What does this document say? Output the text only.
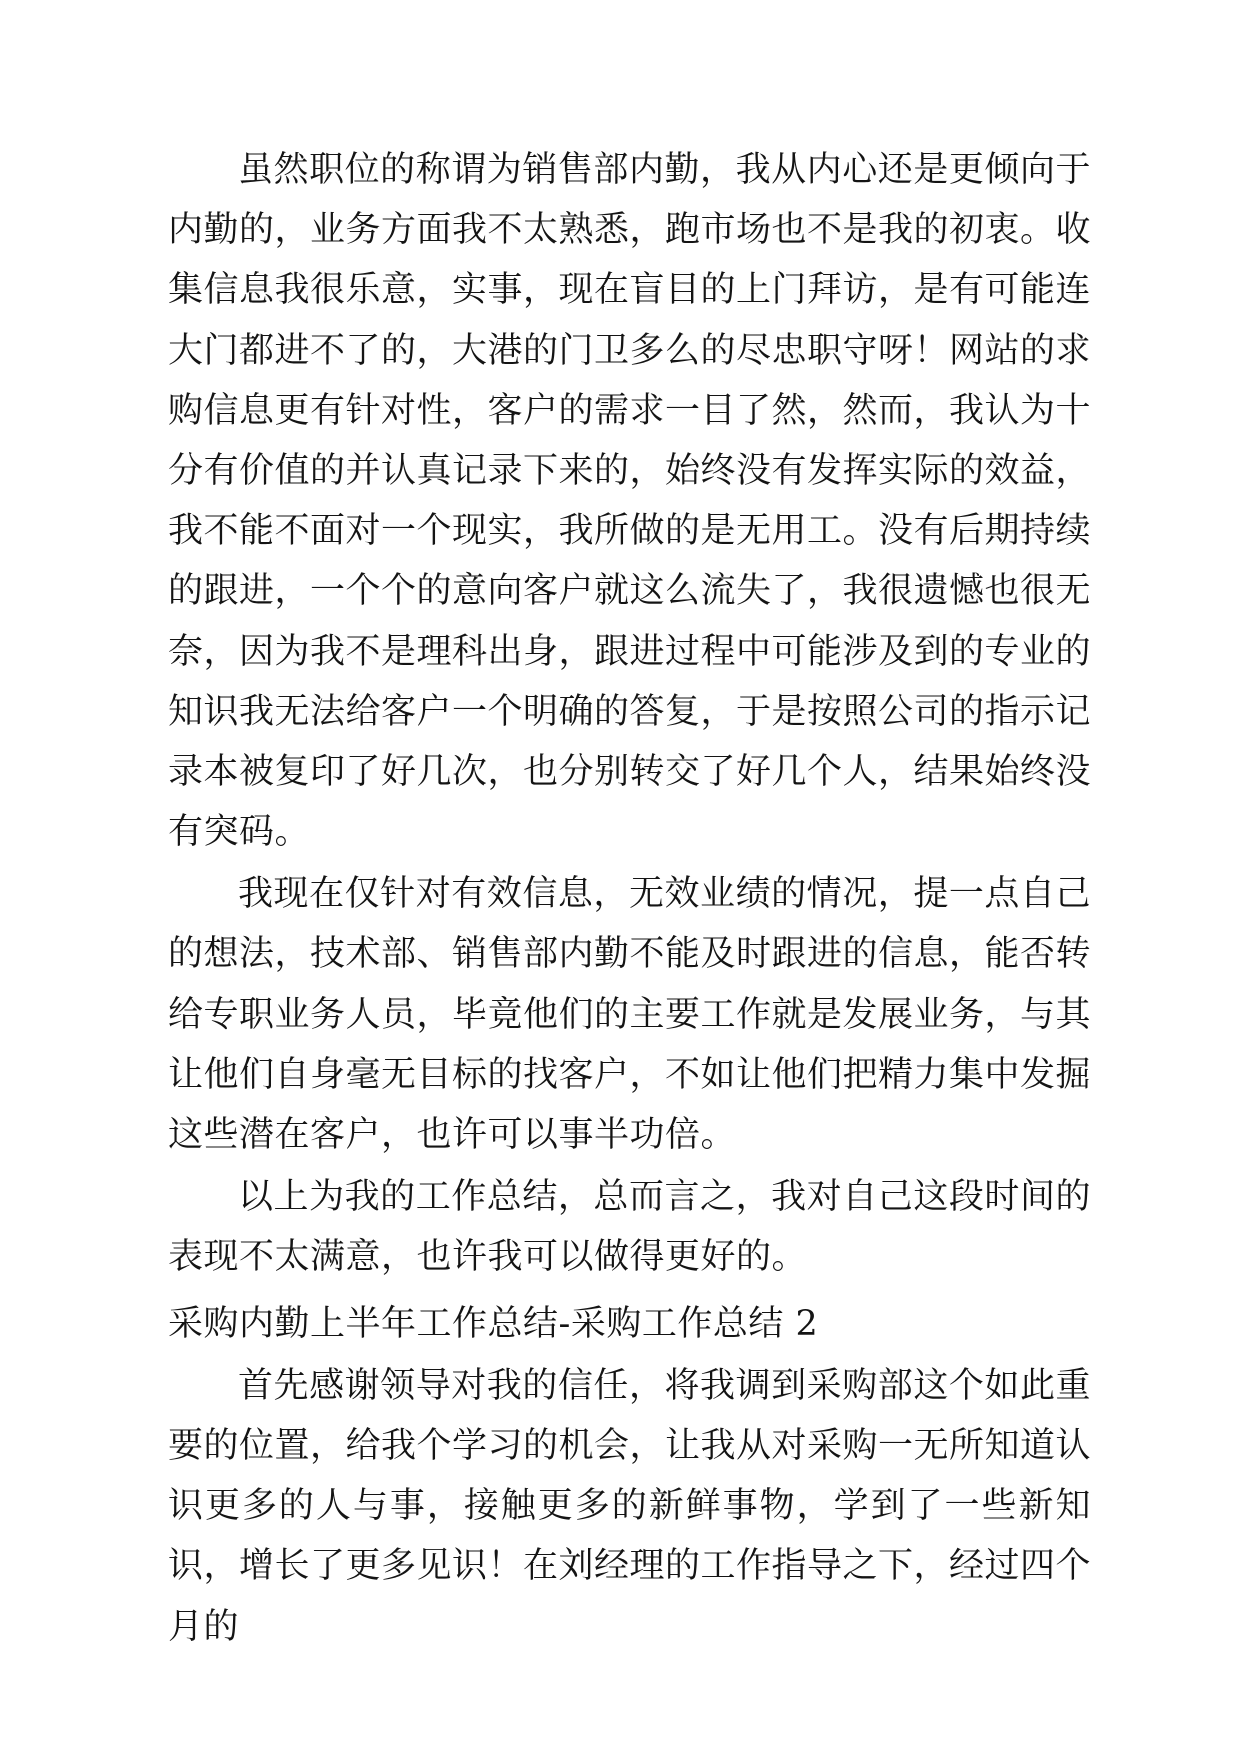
虽然职位的称谓为销售部内勤，我从内心还是更倾向于内勤的，业务方面我不太熟悉，跑市场也不是我的初衷。收集信息我很乐意，实事，现在盲目的上门拜访，是有可能连大门都进不了的，大港的门卫多么的尽忠职守呀！网站的求购信息更有针对性，客户的需求一目了然，然而，我认为十分有价值的并认真记录下来的，始终没有发挥实际的效益，我不能不面对一个现实，我所做的是无用工。没有后期持续的跟进，一个个的意向客户就这么流失了，我很遗憾也很无奈，因为我不是理科出身，跟进过程中可能涉及到的专业的知识我无法给客户一个明确的答复，于是按照公司的指示记录本被复印了好几次，也分别转交了好几个人，结果始终没有突码。

我现在仅针对有效信息，无效业绩的情况，提一点自己的想法，技术部、销售部内勤不能及时跟进的信息，能否转给专职业务人员，毕竟他们的主要工作就是发展业务，与其让他们自身毫无目标的找客户，不如让他们把精力集中发掘这些潜在客户，也许可以事半功倍。

以上为我的工作总结，总而言之，我对自己这段时间的表现不太满意，也许我可以做得更好的。

采购内勤上半年工作总结-采购工作总结 2

首先感谢领导对我的信任，将我调到采购部这个如此重要的位置，给我个学习的机会，让我从对采购一无所知道认识更多的人与事，接触更多的新鲜事物，学到了一些新知识，增长了更多见识！在刘经理的工作指导之下，经过四个月的
